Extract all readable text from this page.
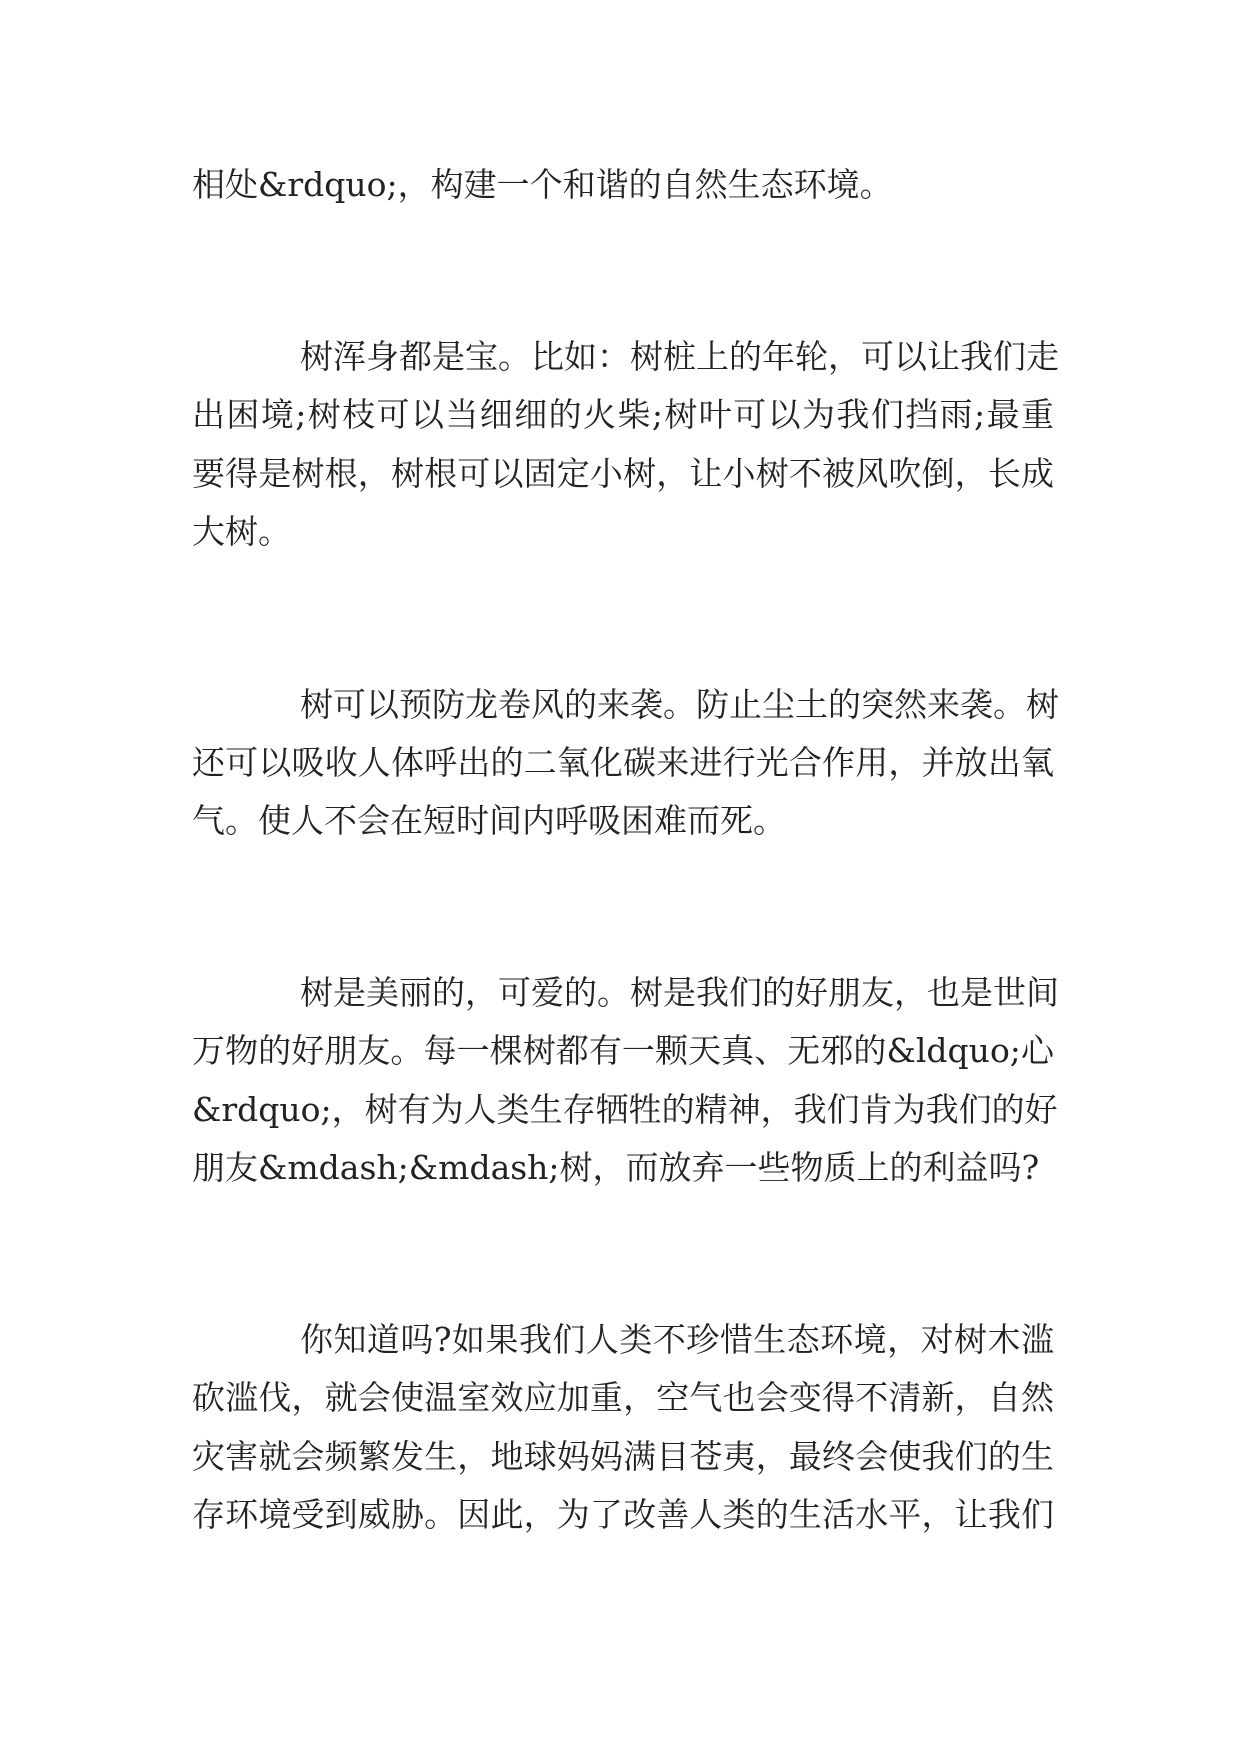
相处&rdquo;，构建一个和谐的自然生态环境。
树浑身都是宝。比如：树桩上的年轮，可以让我们走
出困境;树枝可以当细细的火柴;树叶可以为我们挡雨;最重
要得是树根，树根可以固定小树，让小树不被风吹倒，长成
大树。
树可以预防龙卷风的来袭。防止尘土的突然来袭。树
还可以吸收人体呼出的二氧化碳来进行光合作用，并放出氧
气。使人不会在短时间内呼吸困难而死。
树是美丽的，可爱的。树是我们的好朋友，也是世间
万物的好朋友。每一棵树都有一颗天真、无邪的&ldquo;心
&rdquo;，树有为人类生存牺牲的精神，我们肯为我们的好
朋友&mdash;&mdash;树，而放弃一些物质上的利益吗?
你知道吗?如果我们人类不珍惜生态环境，对树木滥
砍滥伐，就会使温室效应加重，空气也会变得不清新，自然
灾害就会频繁发生，地球妈妈满目苍夷，最终会使我们的生
存环境受到威胁。因此，为了改善人类的生活水平，让我们
